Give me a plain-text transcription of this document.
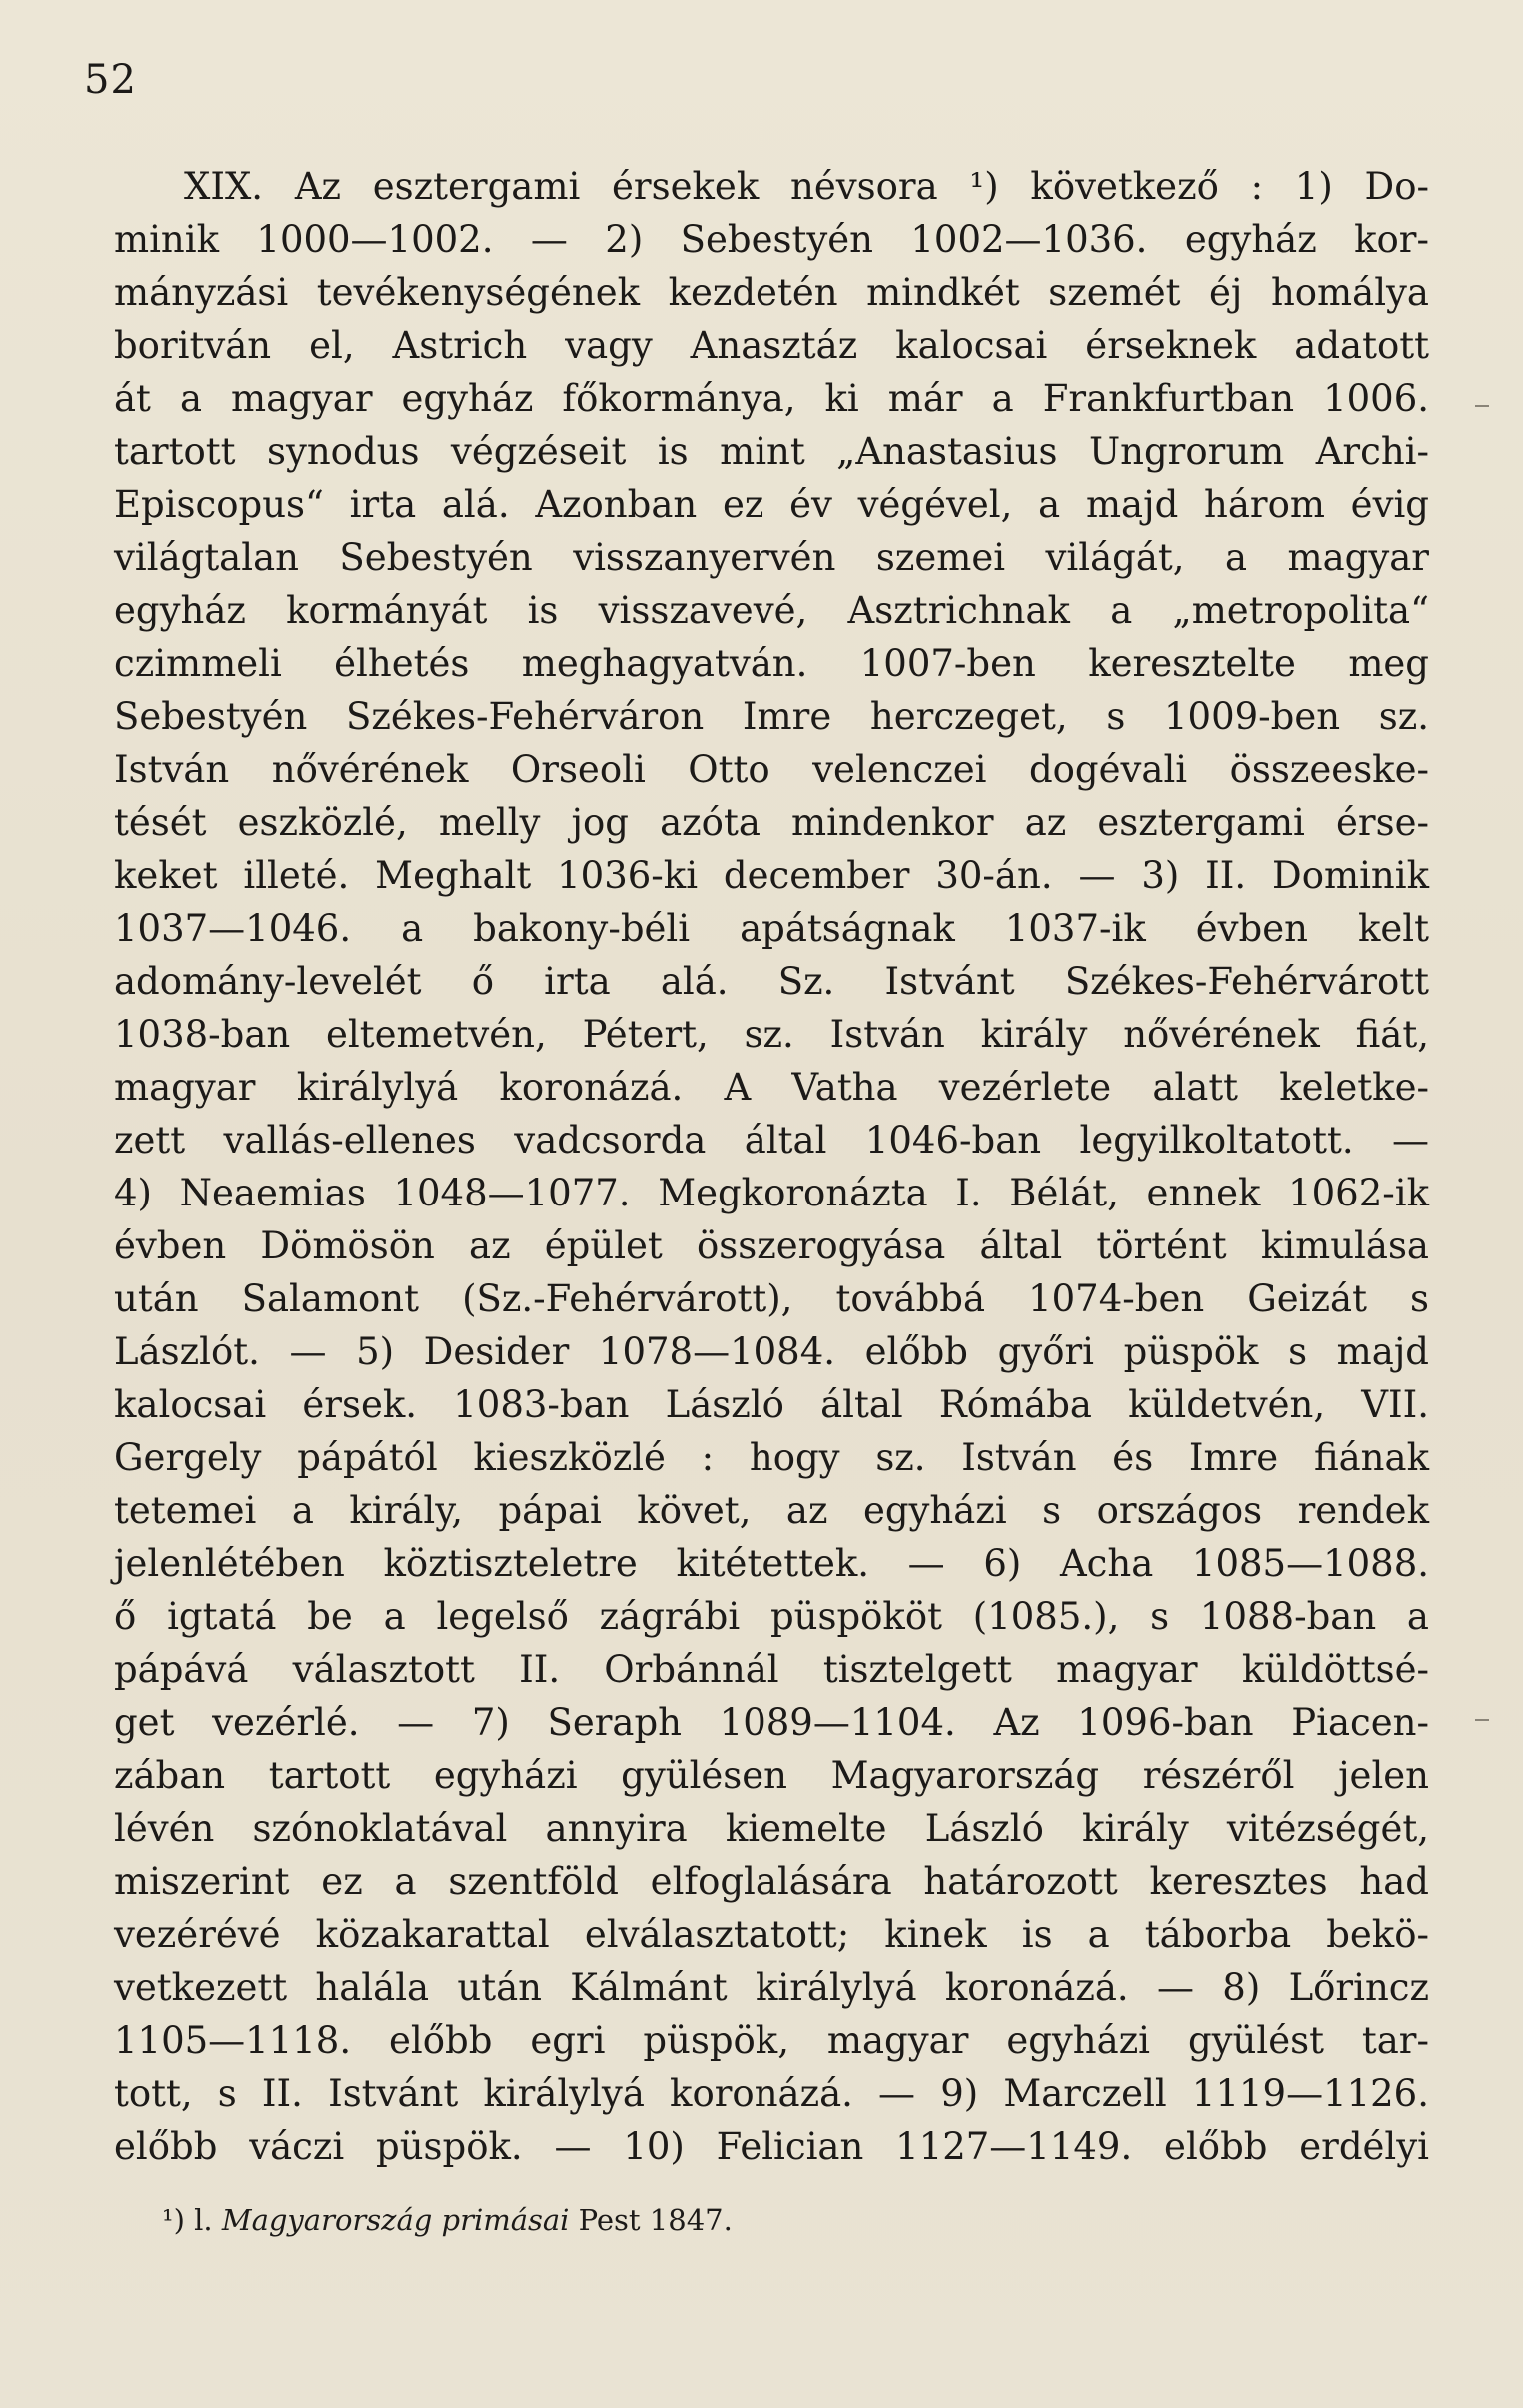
52
XIX. Az esztergami érsekek névsora ¹) következő : 1) Do-
minik 1000—1002. — 2) Sebestyén 1002—1036. egyház kor-
mányzási tevékenységének kezdetén mindkét szemét éj homálya
boritván el, Astrich vagy Anasztáz kalocsai érseknek adatott
át a magyar egyház főkormánya, ki már a Frankfurtban 1006.
tartott synodus végzéseit is mint „Anastasius Ungrorum Archi-
Episcopus“ irta alá. Azonban ez év végével, a majd három évig
világtalan Sebestyén visszanyervén szemei világát, a magyar
egyház kormányát is visszavevé, Asztrichnak a „metropolita“
czimmeli élhetés meghagyatván. 1007-ben keresztelte meg
Sebestyén Székes-Fehérváron Imre herczeget, s 1009-ben sz.
István nővérének Orseoli Otto velenczei dogévali összeeske-
tését eszközlé, melly jog azóta mindenkor az esztergami érse-
keket illeté. Meghalt 1036-ki december 30-án. — 3) II. Dominik
1037—1046. a bakony-béli apátságnak 1037-ik évben kelt
adomány-levelét ő irta alá. Sz. Istvánt Székes-Fehérvárott
1038-ban eltemetvén, Pétert, sz. István király nővérének fiát,
magyar királylyá koronázá. A Vatha vezérlete alatt keletke-
zett vallás-ellenes vadcsorda által 1046-ban legyilkoltatott. —
4) Neaemias 1048—1077. Megkoronázta I. Bélát, ennek 1062-ik
évben Dömösön az épület összerogyása által történt kimulása
után Salamont (Sz.-Fehérvárott), továbbá 1074-ben Geizát s
Lászlót. — 5) Desider 1078—1084. előbb győri püspök s majd
kalocsai érsek. 1083-ban László által Rómába küldetvén, VII.
Gergely pápától kieszközlé : hogy sz. István és Imre fiának
tetemei a király, pápai követ, az egyházi s országos rendek
jelenlétében köztiszteletre kitétettek. — 6) Acha 1085—1088.
ő igtatá be a legelső zágrábi püspököt (1085.), s 1088-ban a
pápává választott II. Orbánnál tisztelgett magyar küldöttsé-
get vezérlé. — 7) Seraph 1089—1104. Az 1096-ban Piacen-
zában tartott egyházi gyülésen Magyarország részéről jelen
lévén szónoklatával annyira kiemelte László király vitézségét,
miszerint ez a szentföld elfoglalására határozott keresztes had
vezérévé közakarattal elválasztatott; kinek is a táborba bekö-
vetkezett halála után Kálmánt királylyá koronázá. — 8) Lőrincz
1105—1118. előbb egri püspök, magyar egyházi gyülést tar-
tott, s II. Istvánt királylyá koronázá. — 9) Marczell 1119—1126.
előbb váczi püspök. — 10) Felician 1127—1149. előbb erdélyi
¹) l. Magyarország primásai Pest 1847.
